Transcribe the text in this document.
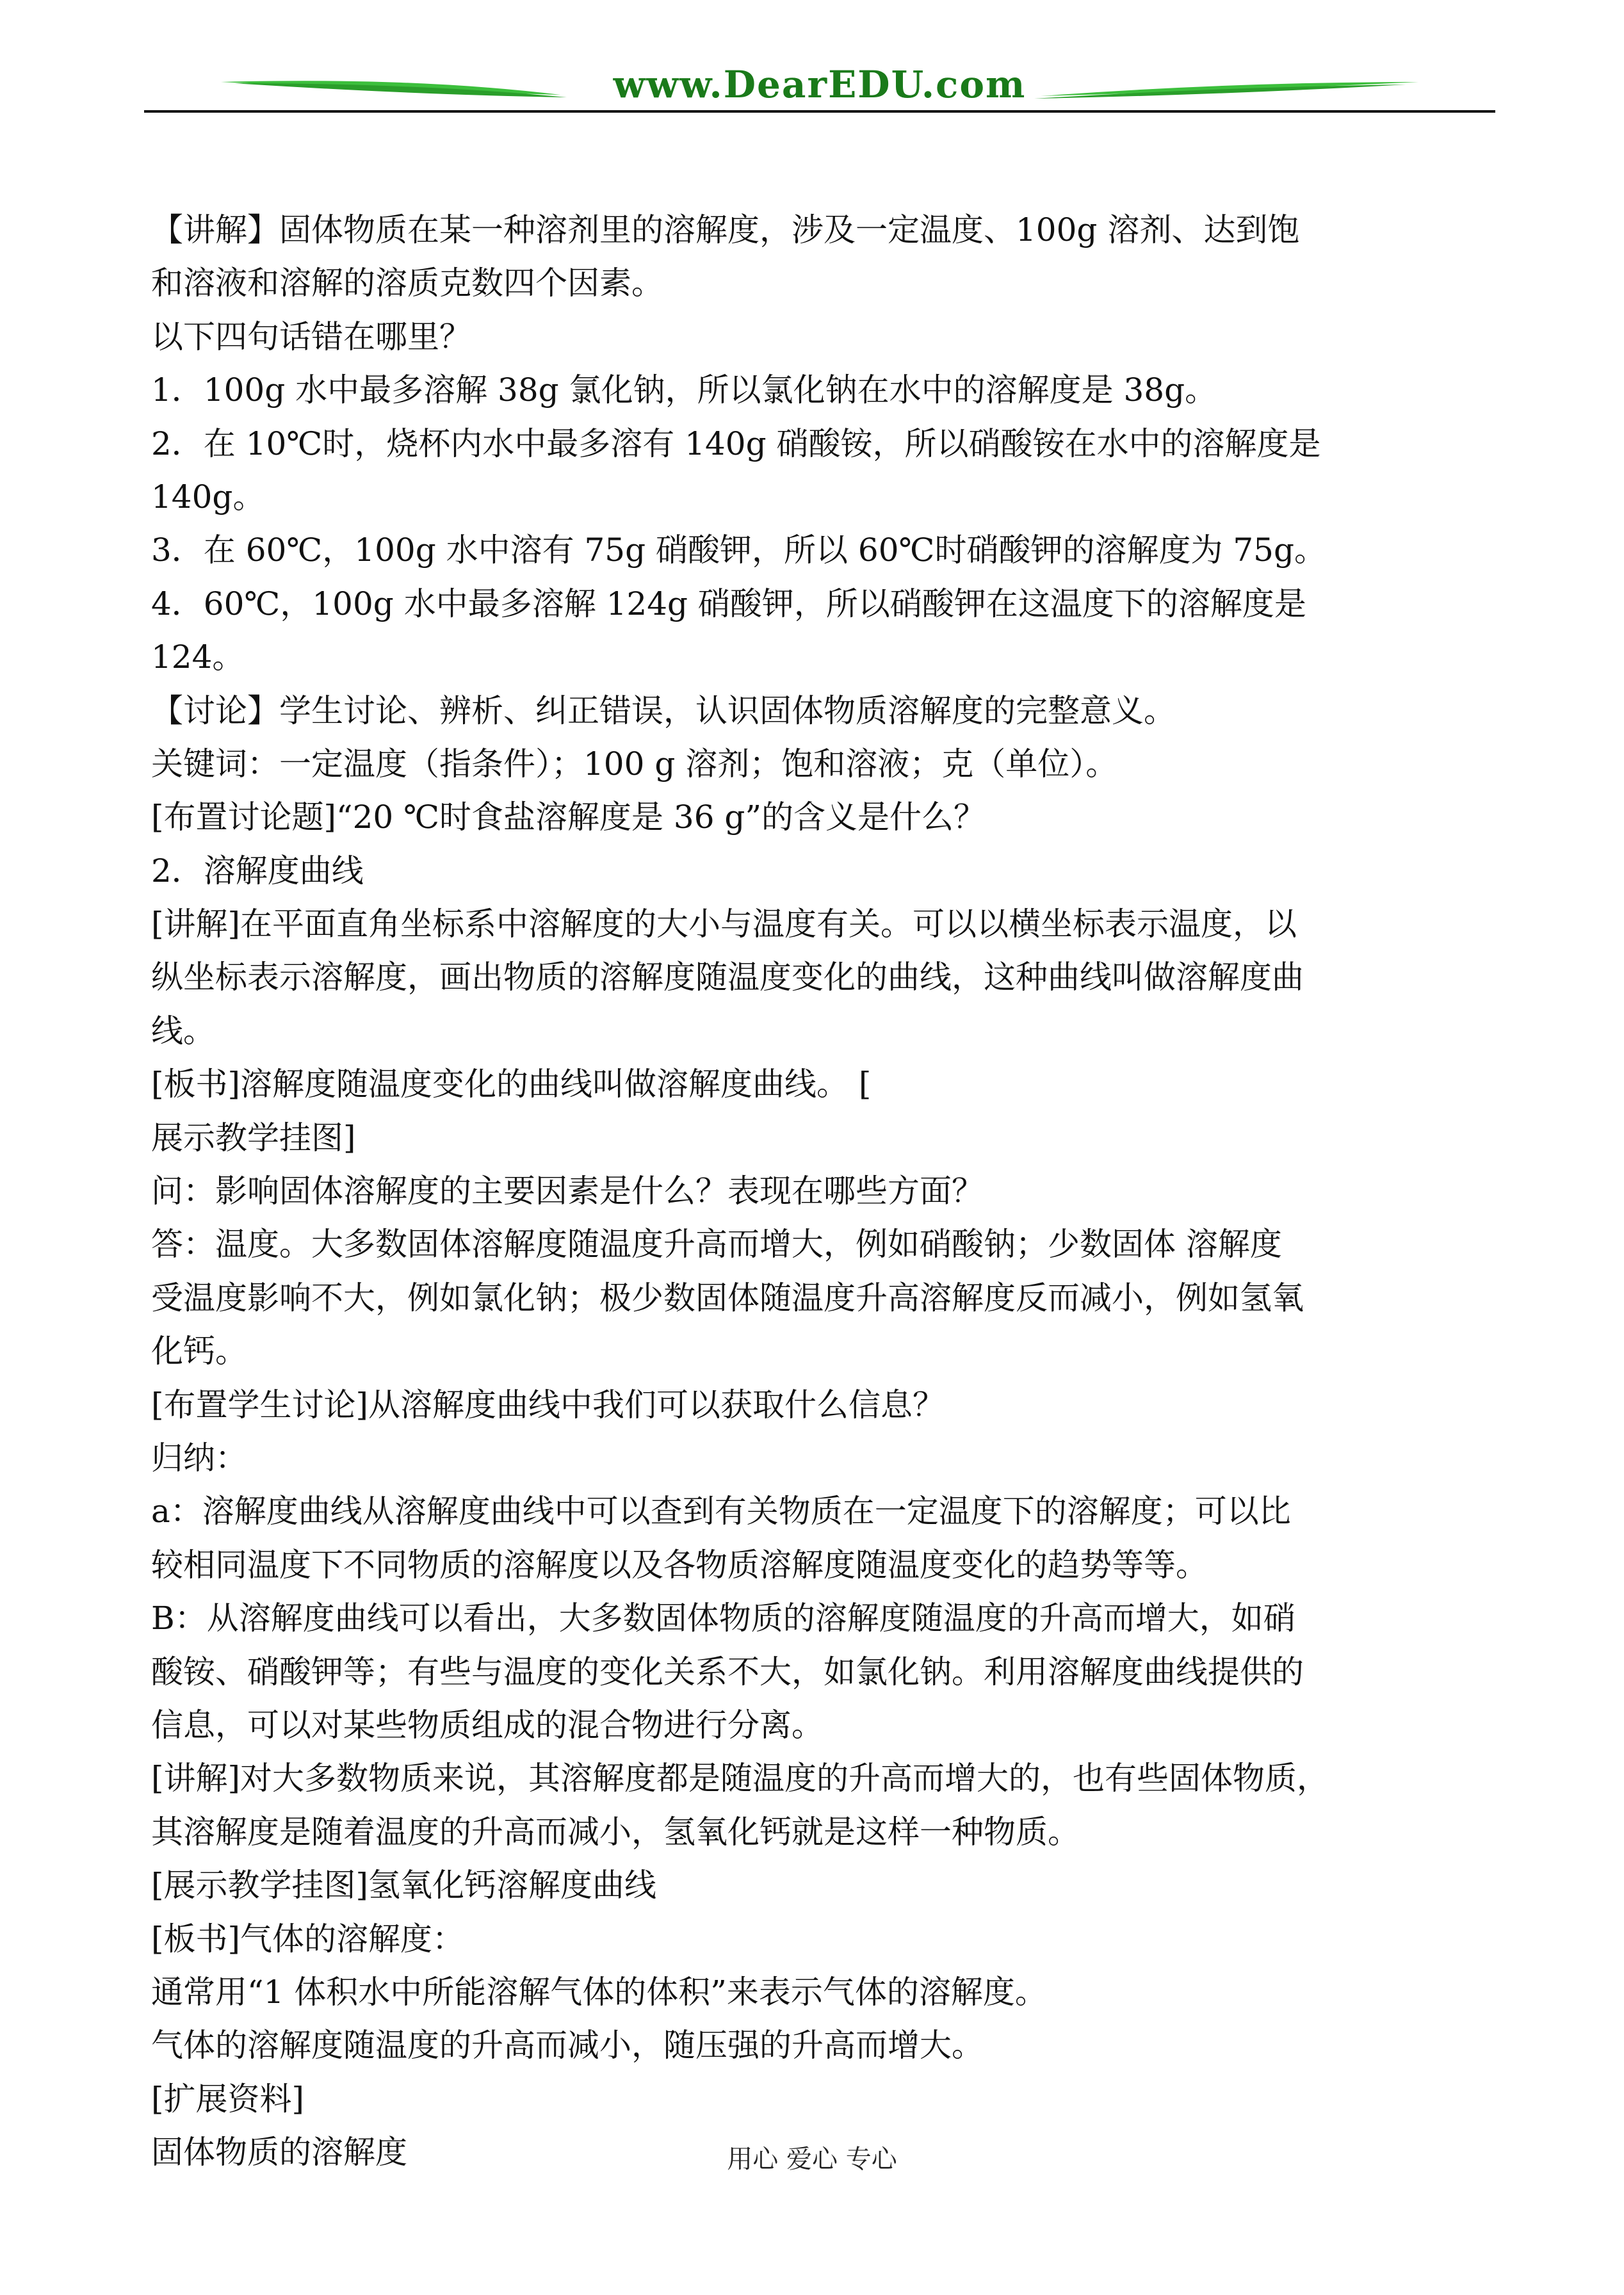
www.DearEDU.com
【讲解】固体物质在某一种溶剂里的溶解度，涉及一定温度、100g 溶剂、达到饱
和溶液和溶解的溶质克数四个因素。
以下四句话错在哪里？
1．100g 水中最多溶解 38g 氯化钠，所以氯化钠在水中的溶解度是 38g。
2．在 10℃时，烧杯内水中最多溶有 140g 硝酸铵，所以硝酸铵在水中的溶解度是
140g。
3．在 60℃，100g 水中溶有 75g 硝酸钾，所以 60℃时硝酸钾的溶解度为 75g。
4．60℃，100g 水中最多溶解 124g 硝酸钾，所以硝酸钾在这温度下的溶解度是
124。
【讨论】学生讨论、辨析、纠正错误，认识固体物质溶解度的完整意义。
关键词：一定温度（指条件）；100 g 溶剂；饱和溶液；克（单位）。
[布置讨论题]“20 ℃时食盐溶解度是 36 g”的含义是什么？
2．溶解度曲线
[讲解]在平面直角坐标系中溶解度的大小与温度有关。可以以横坐标表示温度，以
纵坐标表示溶解度，画出物质的溶解度随温度变化的曲线，这种曲线叫做溶解度曲
线。
[板书]溶解度随温度变化的曲线叫做溶解度曲线。 [
展示教学挂图]
问：影响固体溶解度的主要因素是什么？表现在哪些方面？
答：温度。大多数固体溶解度随温度升高而增大，例如硝酸钠；少数固体 溶解度
受温度影响不大，例如氯化钠；极少数固体随温度升高溶解度反而减小，例如氢氧
化钙。
[布置学生讨论]从溶解度曲线中我们可以获取什么信息？
归纳：
a：溶解度曲线从溶解度曲线中可以查到有关物质在一定温度下的溶解度；可以比
较相同温度下不同物质的溶解度以及各物质溶解度随温度变化的趋势等等。
B：从溶解度曲线可以看出，大多数固体物质的溶解度随温度的升高而增大，如硝
酸铵、硝酸钾等；有些与温度的变化关系不大，如氯化钠。利用溶解度曲线提供的
信息，可以对某些物质组成的混合物进行分离。
[讲解]对大多数物质来说，其溶解度都是随温度的升高而增大的，也有些固体物质，
其溶解度是随着温度的升高而减小，氢氧化钙就是这样一种物质。
[展示教学挂图]氢氧化钙溶解度曲线
[板书]气体的溶解度：
通常用“1 体积水中所能溶解气体的体积”来表示气体的溶解度。
气体的溶解度随温度的升高而减小，随压强的升高而增大。
[扩展资料]
固体物质的溶解度	用心 爱心 专心
